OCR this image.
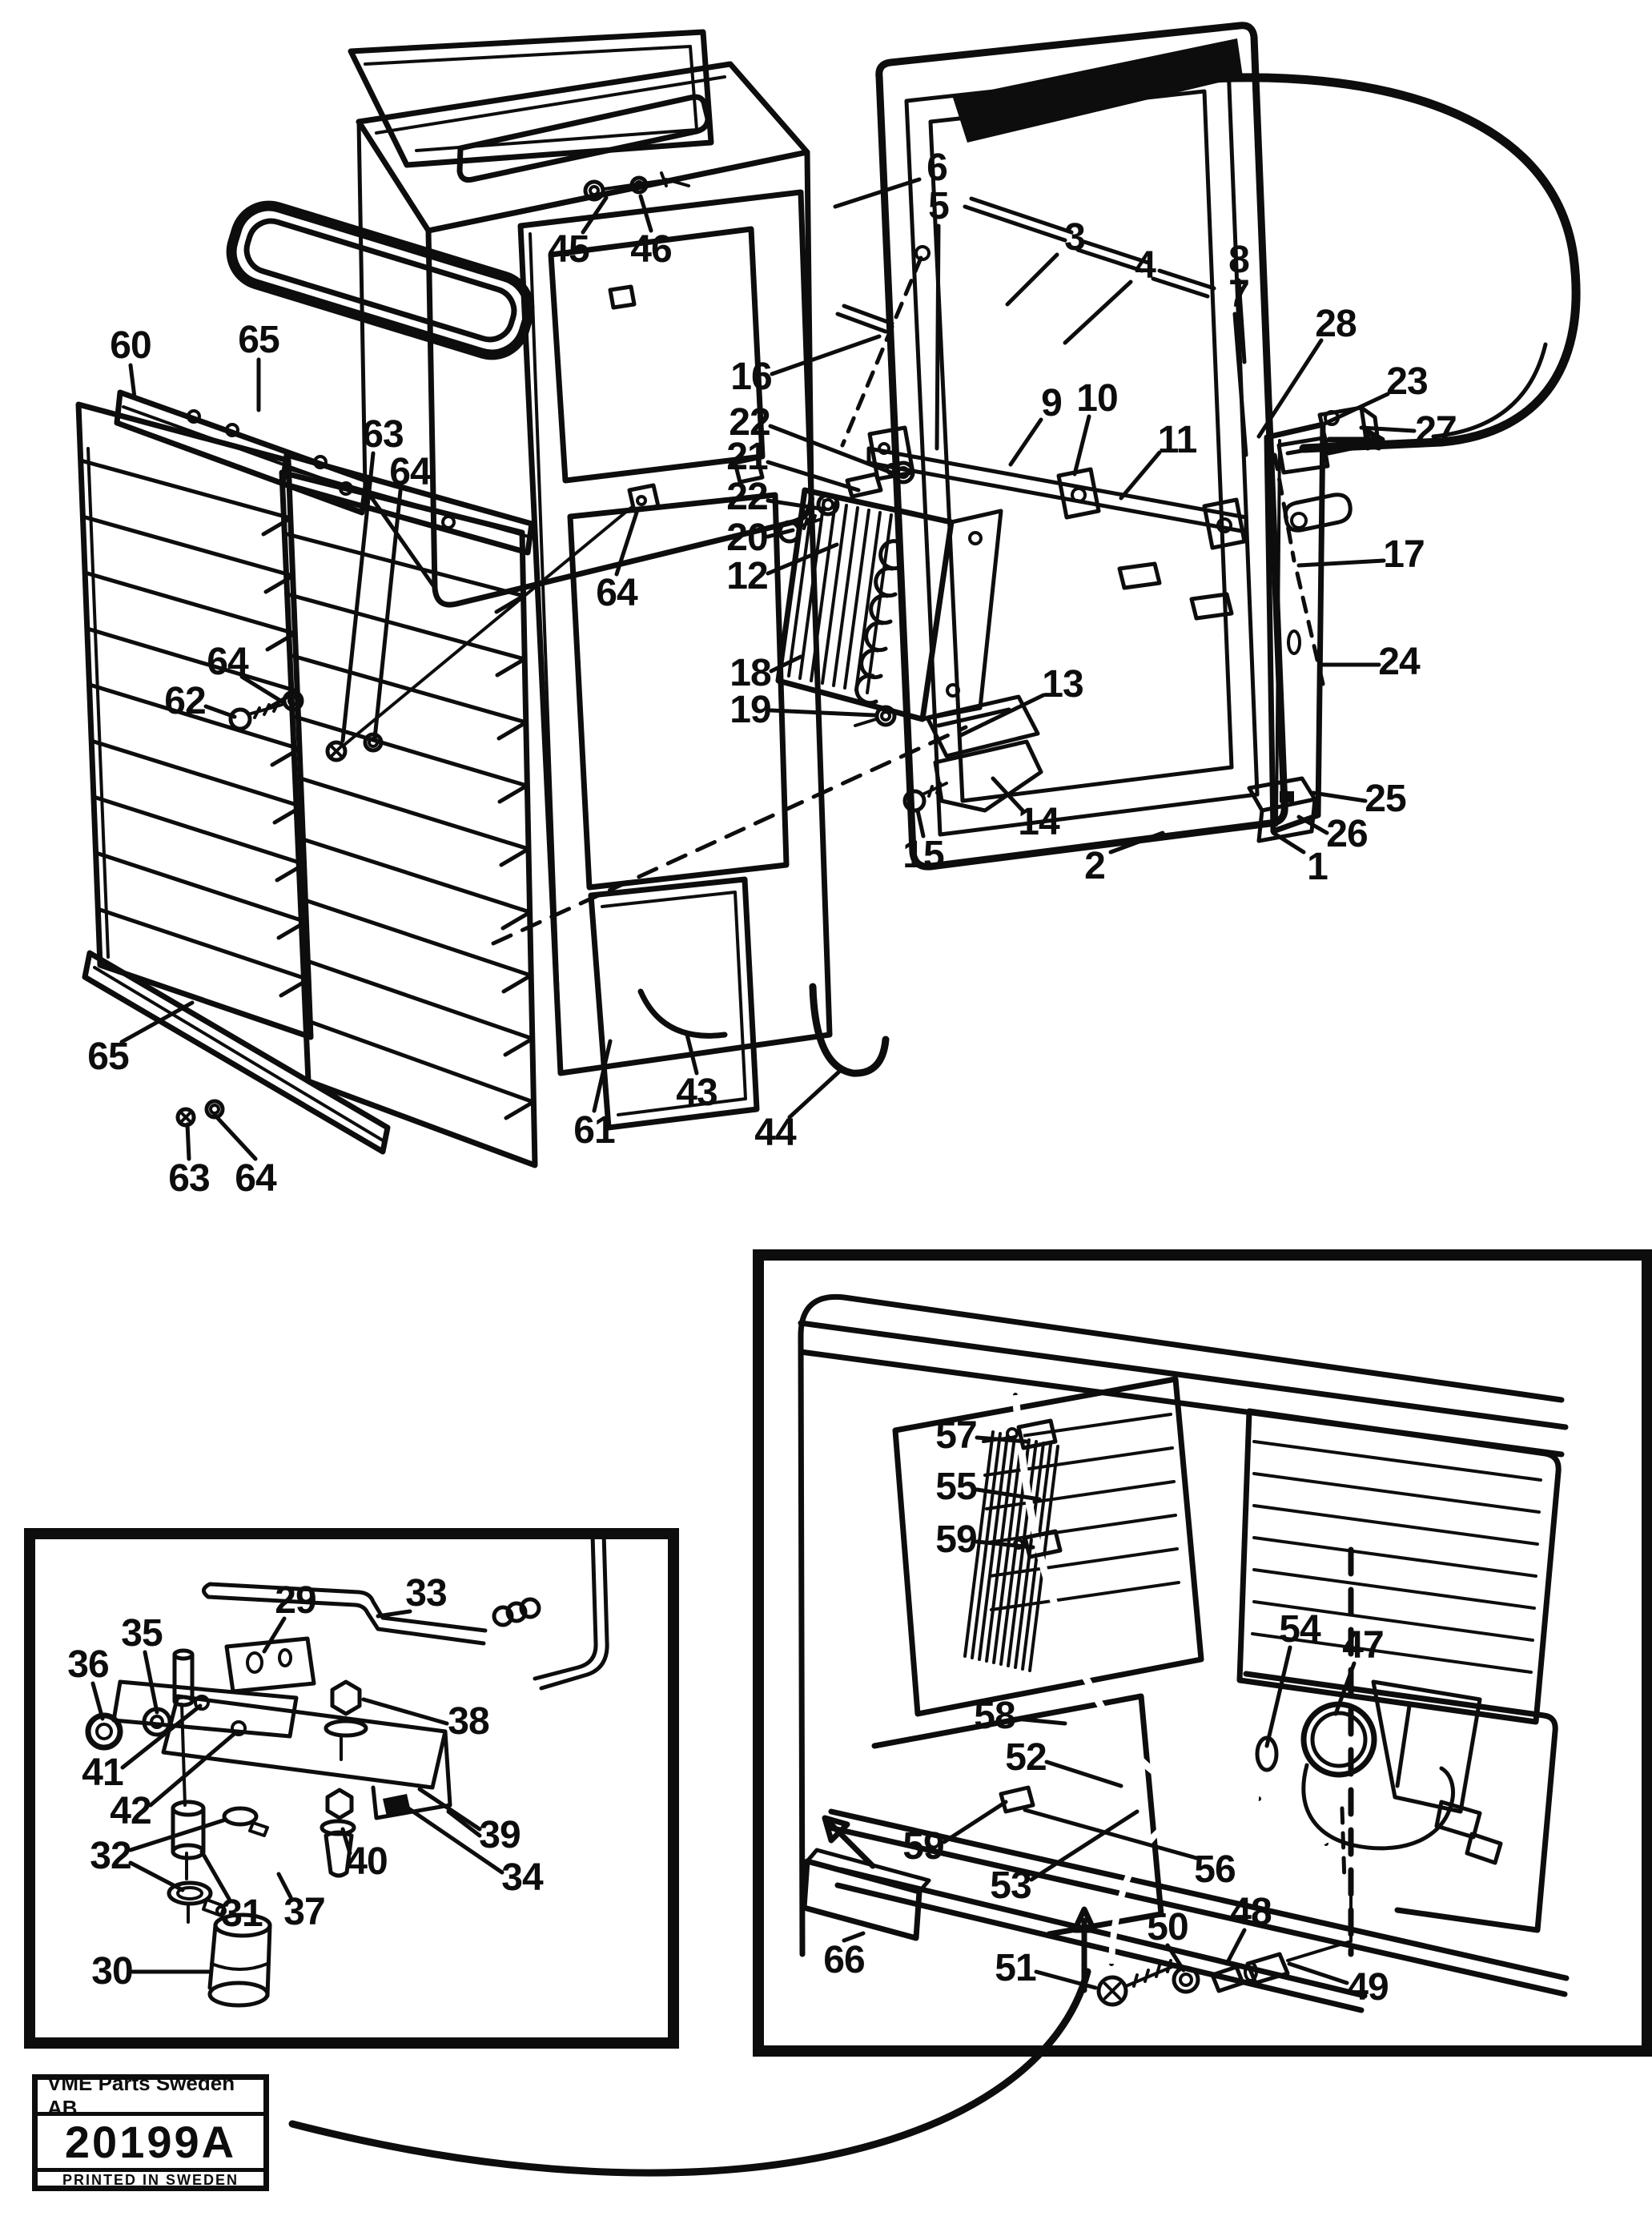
45 46
6
5
3
4 8
7
28
23
27
17
24
25
26
1
2
9 10
11
16
22
21
22
20
12
18
19
13
14
15
60 65
63
64
64
64
62
65
63 64
61
43
44
29 33
35
36
38
41
42
39
34
32	40
31 37
30
57
55
59
58
52
59
53
66
56
54 47
51
50 48
49
VME Parts Sweden AB
20199A
PRINTED IN SWEDEN
